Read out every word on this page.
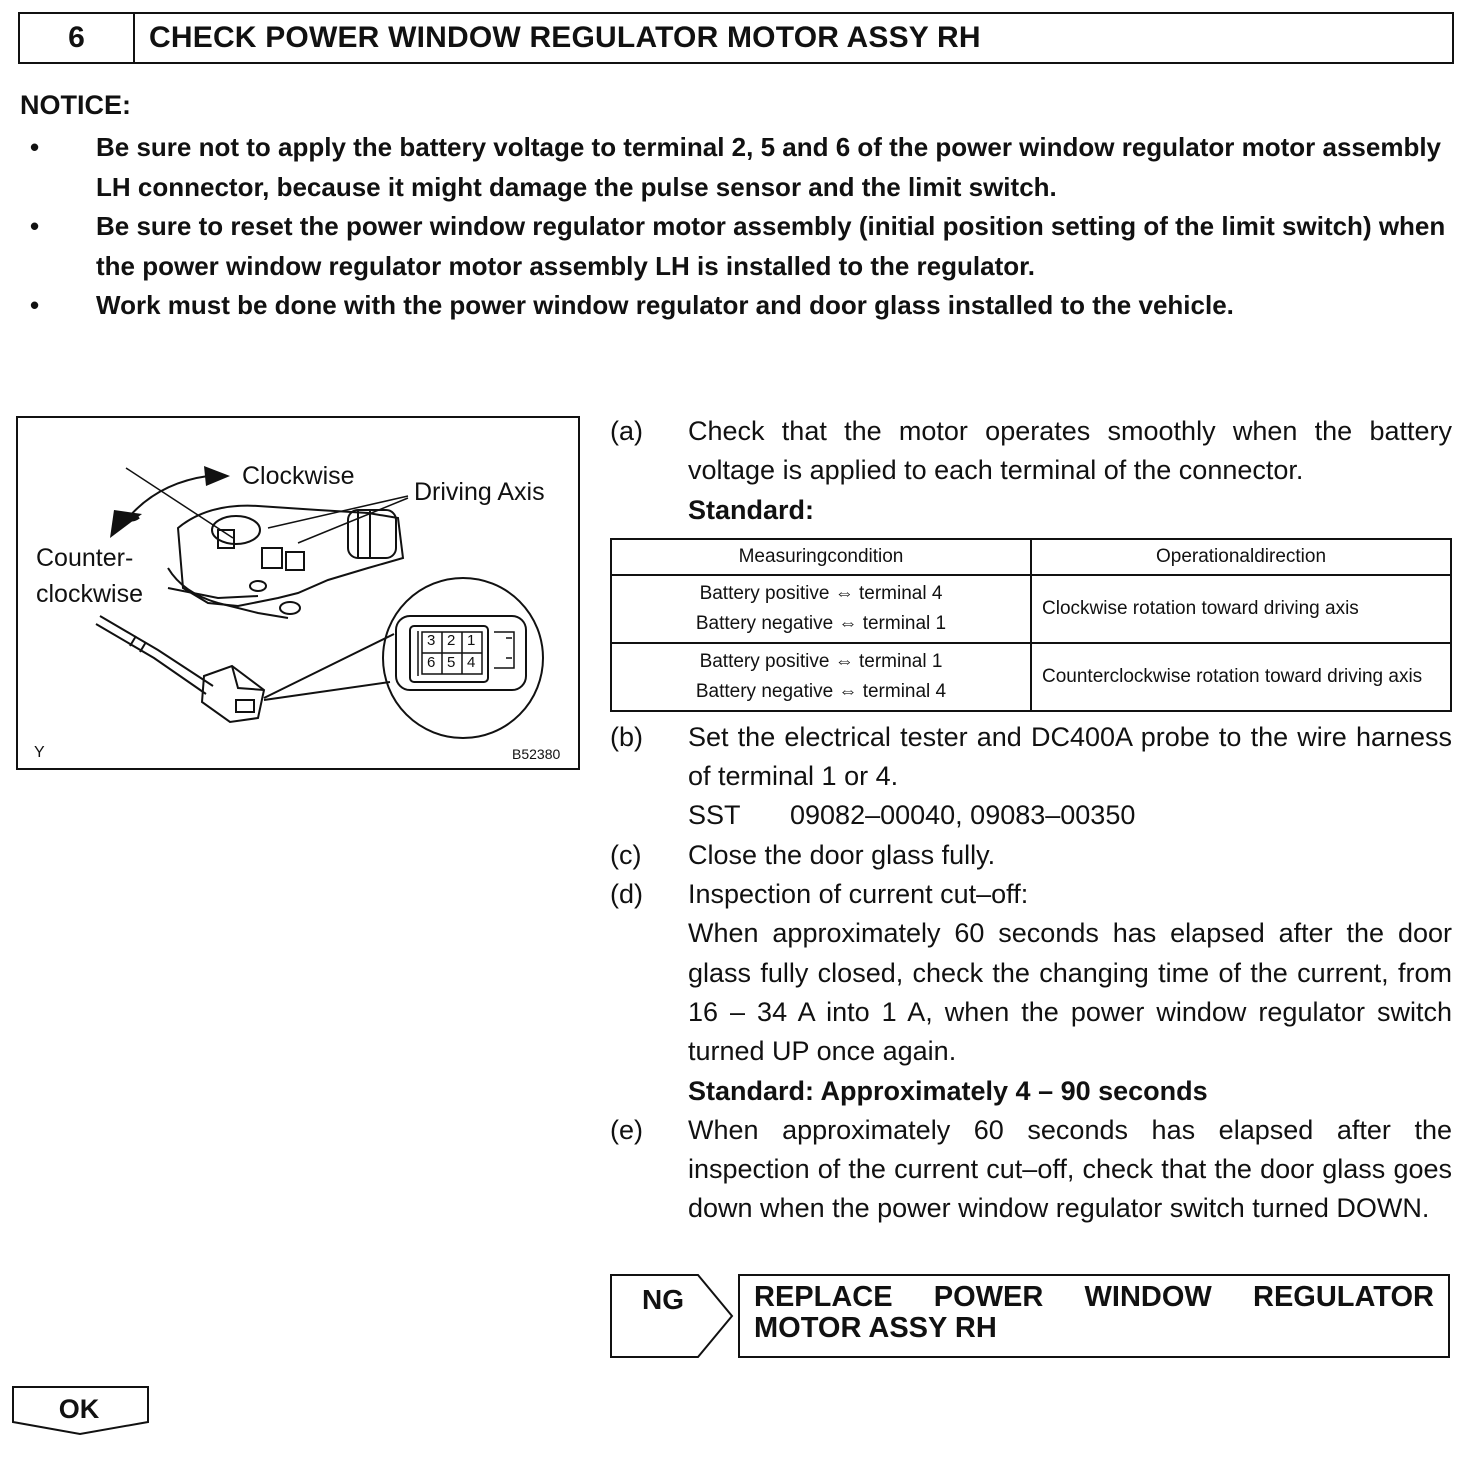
6	CHECK POWER WINDOW REGULATOR MOTOR ASSY RH
NOTICE:
• Be sure not to apply the battery voltage to terminal 2, 5 and 6 of the power window regulator motor assembly LH connector, because it might damage the pulse sensor and the limit switch.
• Be sure to reset the power window regulator motor assembly (initial position setting of the limit switch) when the power window regulator motor assembly LH is installed to the regulator.
• Work must be done with the power window regulator and door glass installed to the vehicle.
3 2 1
6 5 4
Clockwise
Driving Axis
Counter-
clockwise
Y	B52380
(a) Check that the motor operates smoothly when the battery voltage is applied to each terminal of the connector.
Standard:
Measuringcondition	Operationaldirection

Battery positive ⇔ terminal 4
Battery negative ⇔ terminal 1	Clockwise rotation toward driving axis

Battery positive ⇔ terminal 1
Battery negative ⇔ terminal 4	Counterclockwise rotation toward driving axis
(b) Set the electrical tester and DC400A probe to the wire harness of terminal 1 or 4.
SST	09082–00040, 09083–00350
(c) Close the door glass fully.
(d) Inspection of current cut–off:
When approximately 60 seconds has elapsed after the door glass fully closed, check the changing time of the current, from 16 – 34 A into 1 A, when the power window regulator switch turned UP once again.
Standard: Approximately 4 – 90 seconds
(e) When approximately 60 seconds has elapsed after the inspection of the current cut–off, check that the door glass goes down when the power window regulator switch turned DOWN.
NG REPLACE POWER WINDOW REGULATOR
MOTOR ASSY RH
OK
